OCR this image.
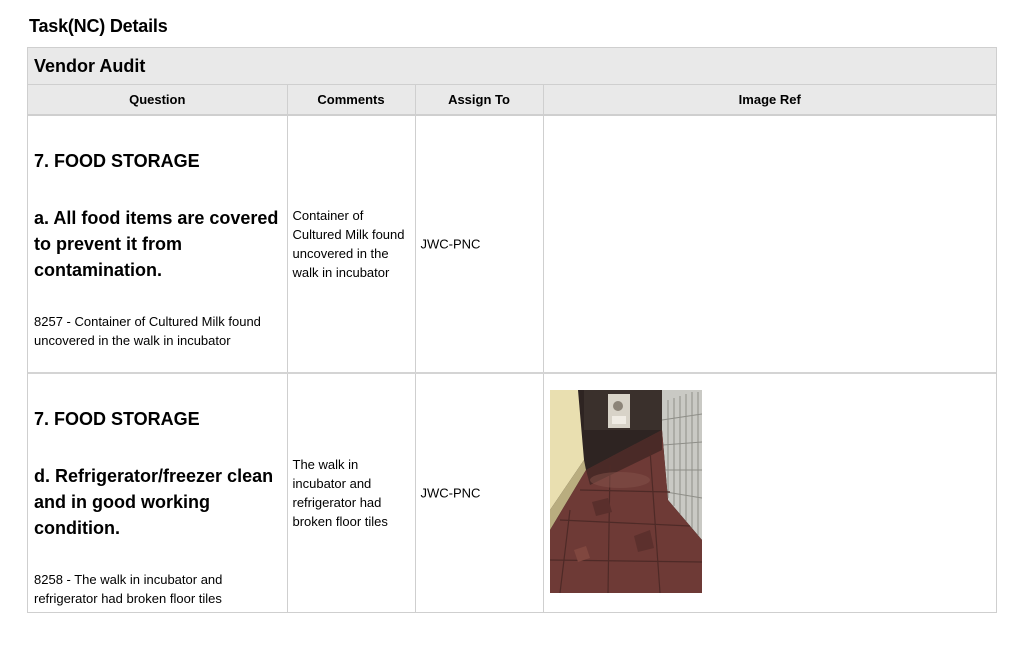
Task(NC) Details
Vendor Audit
Question	Comments	Assign To	Image Ref

7. FOOD STORAGE
a. All food items are covered to prevent it from contamination.
8257 - Container of Cultured Milk found uncovered in the walk in incubator	Container of Cultured Milk found uncovered in the walk in incubator	JWC-PNC	

7. FOOD STORAGE
d. Refrigerator/freezer clean and in good working condition.
8258 - The walk in incubator and refrigerator had broken floor tiles	The walk in incubator and refrigerator had broken floor tiles	JWC-PNC
